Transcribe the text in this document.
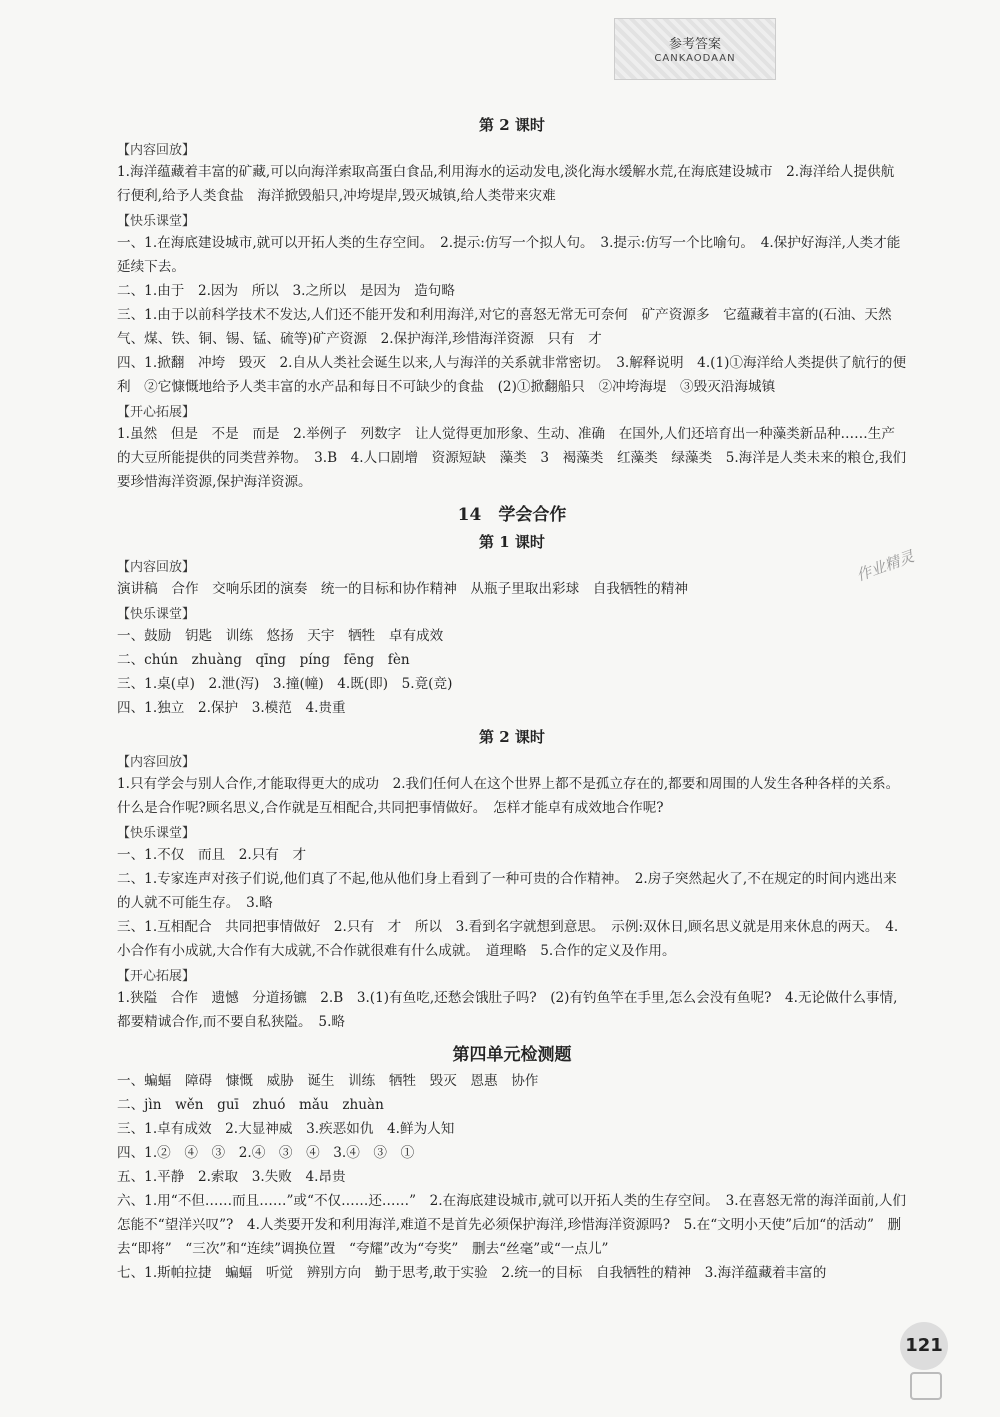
参考答案
CANKAODAAN
第 2 课时
【内容回放】

1.海洋蕴藏着丰富的矿藏,可以向海洋索取高蛋白食品,利用海水的运动发电,淡化海水缓解水荒,在海底建设城市　2.海洋给人提供航行便利,给予人类食盐　海洋掀毁船只,冲垮堤岸,毁灭城镇,给人类带来灾难

【快乐课堂】

一、1.在海底建设城市,就可以开拓人类的生存空间。　2.提示:仿写一个拟人句。　3.提示:仿写一个比喻句。　4.保护好海洋,人类才能延续下去。

二、1.由于　2.因为　所以　3.之所以　是因为　造句略

三、1.由于以前科学技术不发达,人们还不能开发和利用海洋,对它的喜怒无常无可奈何　矿产资源多　它蕴藏着丰富的(石油、天然气、煤、铁、铜、锡、锰、硫等)矿产资源　2.保护海洋,珍惜海洋资源　只有　才

四、1.掀翻　冲垮　毁灭　2.自从人类社会诞生以来,人与海洋的关系就非常密切。　3.解释说明　4.(1)①海洋给人类提供了航行的便利　②它慷慨地给予人类丰富的水产品和每日不可缺少的食盐　(2)①掀翻船只　②冲垮海堤　③毁灭沿海城镇

【开心拓展】

1.虽然　但是　不是　而是　2.举例子　列数字　让人觉得更加形象、生动、准确　在国外,人们还培育出一种藻类新品种……生产的大豆所能提供的同类营养物。　3.B　4.人口剧增　资源短缺　藻类　3　褐藻类　红藻类　绿藻类　5.海洋是人类未来的粮仓,我们要珍惜海洋资源,保护海洋资源。

14　学会合作
第 1 课时
【内容回放】

演讲稿　合作　交响乐团的演奏　统一的目标和协作精神　从瓶子里取出彩球　自我牺牲的精神

【快乐课堂】

一、鼓励　钥匙　训练　悠扬　天宇　牺牲　卓有成效

二、chún　zhuàng　qīng　píng　fēng　fèn

三、1.桌(卓)　2.泄(泻)　3.撞(幢)　4.既(即)　5.竟(竞)

四、1.独立　2.保护　3.模范　4.贵重

第 2 课时
【内容回放】

1.只有学会与别人合作,才能取得更大的成功　2.我们任何人在这个世界上都不是孤立存在的,都要和周围的人发生各种各样的关系。　什么是合作呢?顾名思义,合作就是互相配合,共同把事情做好。　怎样才能卓有成效地合作呢?

【快乐课堂】

一、1.不仅　而且　2.只有　才

二、1.专家连声对孩子们说,他们真了不起,他从他们身上看到了一种可贵的合作精神。　2.房子突然起火了,不在规定的时间内逃出来的人就不可能生存。　3.略

三、1.互相配合　共同把事情做好　2.只有　才　所以　3.看到名字就想到意思。　示例:双休日,顾名思义就是用来休息的两天。　4.小合作有小成就,大合作有大成就,不合作就很难有什么成就。　道理略　5.合作的定义及作用。

【开心拓展】

1.狭隘　合作　遗憾　分道扬镳　2.B　3.(1)有鱼吃,还愁会饿肚子吗?　(2)有钓鱼竿在手里,怎么会没有鱼呢?　4.无论做什么事情,都要精诚合作,而不要自私狭隘。　5.略

第四单元检测题

一、蝙蝠　障碍　慷慨　威胁　诞生　训练　牺牲　毁灭　恩惠　协作

二、jìn　wěn　guī　zhuó　mǎu　zhuàn

三、1.卓有成效　2.大显神威　3.疾恶如仇　4.鲜为人知

四、1.②　④　③　2.④　③　④　3.④　③　①

五、1.平静　2.索取　3.失败　4.昂贵

六、1.用“不但……而且……”或“不仅……还……”　2.在海底建设城市,就可以开拓人类的生存空间。　3.在喜怒无常的海洋面前,人们怎能不“望洋兴叹”?　4.人类要开发和利用海洋,难道不是首先必须保护海洋,珍惜海洋资源吗?　5.在“文明小天使”后加“的活动”　删去“即将”　“三次”和“连续”调换位置　“夸耀”改为“夸奖”　删去“丝毫”或“一点儿”

七、1.斯帕拉捷　蝙蝠　听觉　辨别方向　勤于思考,敢于实验　2.统一的目标　自我牺牲的精神　3.海洋蕴藏着丰富的

作业精灵
121
